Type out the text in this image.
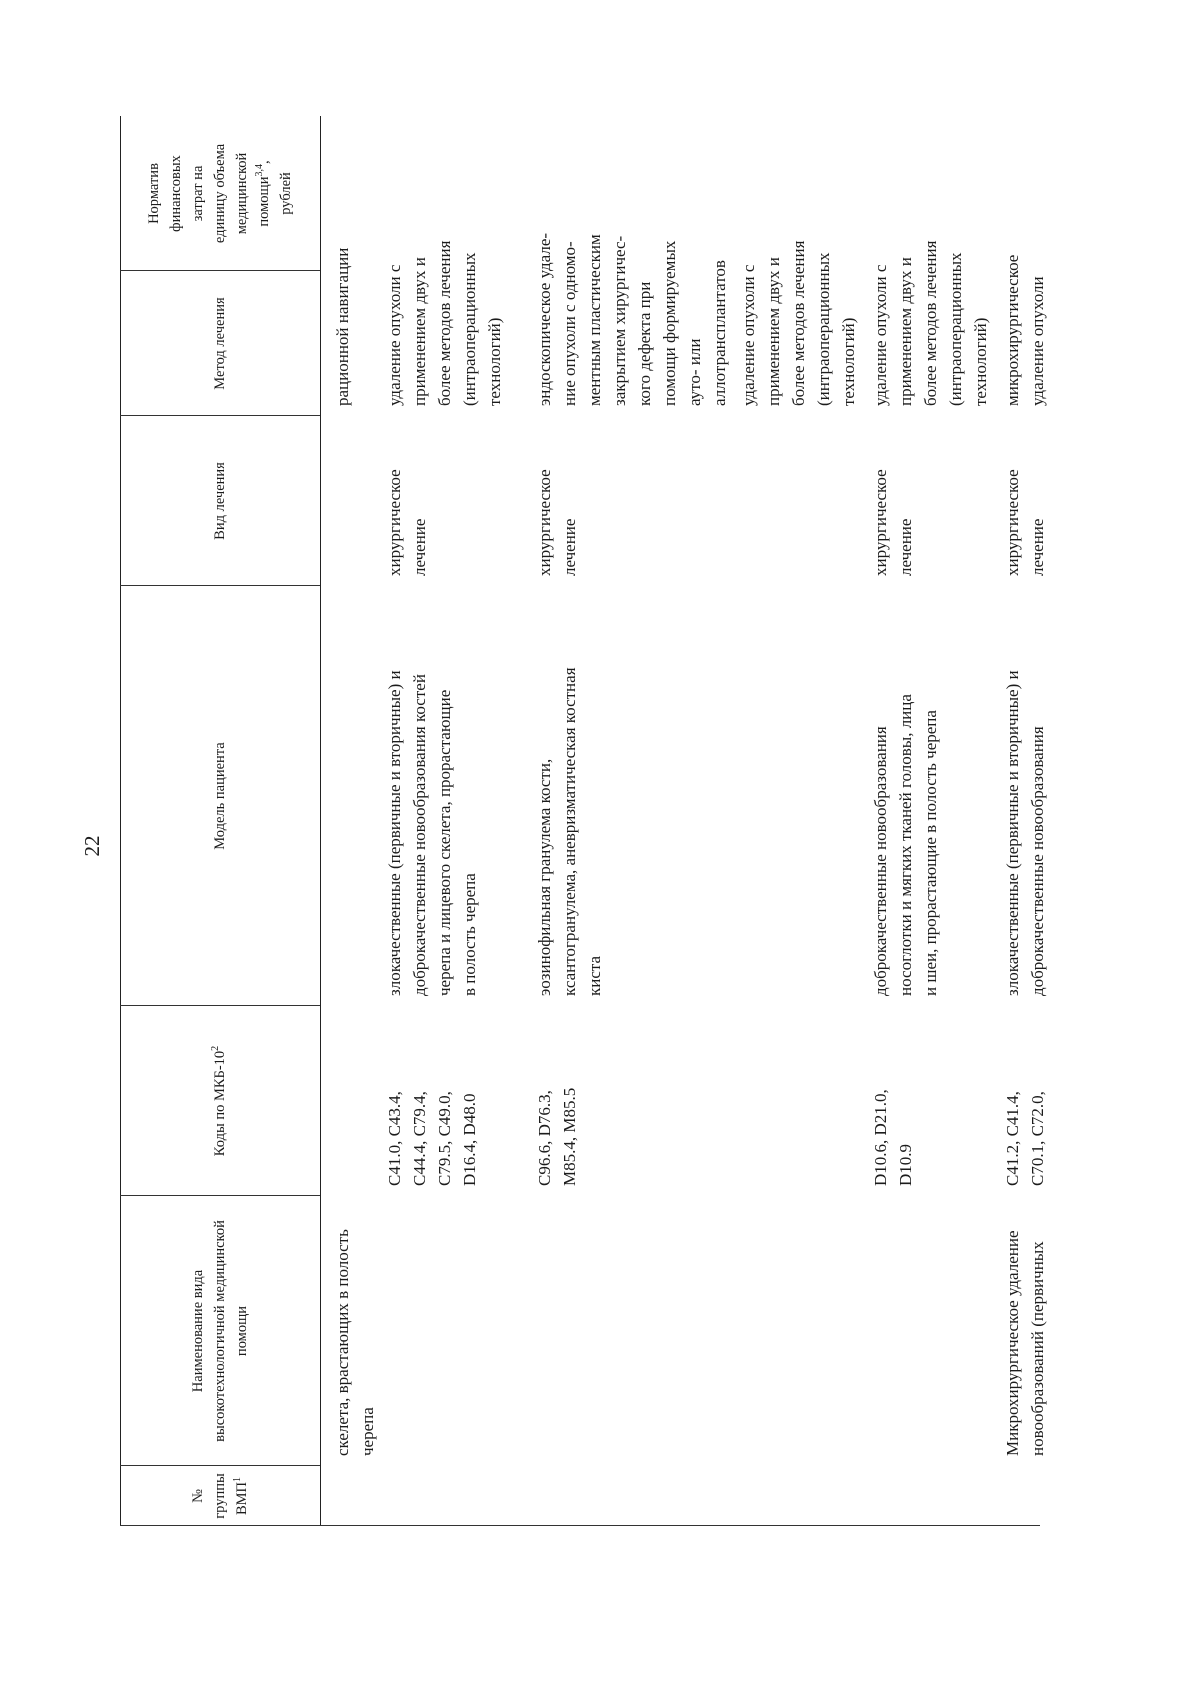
22
№
группы
ВМП$^1$
Наименование вида
высокотехнологичной медицинской
помощи
Коды по МКБ-$10^2$
Модель пациента
Вид лечения
Метод лечения
Норматив
финансовых
затрат на
единицу объема
медицинской
помощи$^{3,4}$,
рублей
скелета, врастающих в полость
черепа
рационной навигации
C41.0, C43.4,
C44.4, C79.4,
C79.5, C49.0,
D16.4, D48.0
злокачественные (первичные и вторичные) и
доброкачественные новообразования костей
черепа и лицевого скелета, прорастающие
в полость черепа
хирургическое
лечение
удаление опухоли с
применением двух и
более методов лечения
(интраоперационных
технологий)
C96.6, D76.3,
M85.4, M85.5
эозинофильная гранулема кости,
ксантогранулема, аневризматическая костная
киста
хирургическое
лечение
эндоскопическое удале-
ние опухоли с одномо-
ментным пластическим
закрытием хирургичес-
кого дефекта при
помощи формируемых
ауто- или
аллотрансплантатов удаление опухоли с
применением двух и
более методов лечения
(интраоперационных
технологий)
D10.6, D21.0,
D10.9
доброкачественные новообразования
носоглотки и мягких тканей головы, лица
и шеи, прорастающие в полость черепа
хирургическое
лечение
удаление опухоли с
применением двух и
более методов лечения
(интраоперационных
технологий)
Микрохирургическое удаление
новообразований (первичных
C41.2, C41.4,
C70.1, C72.0,
злокачественные (первичные и вторичные) и
доброкачественные новообразования
хирургическое
лечение
микрохирургическое
удаление опухоли
